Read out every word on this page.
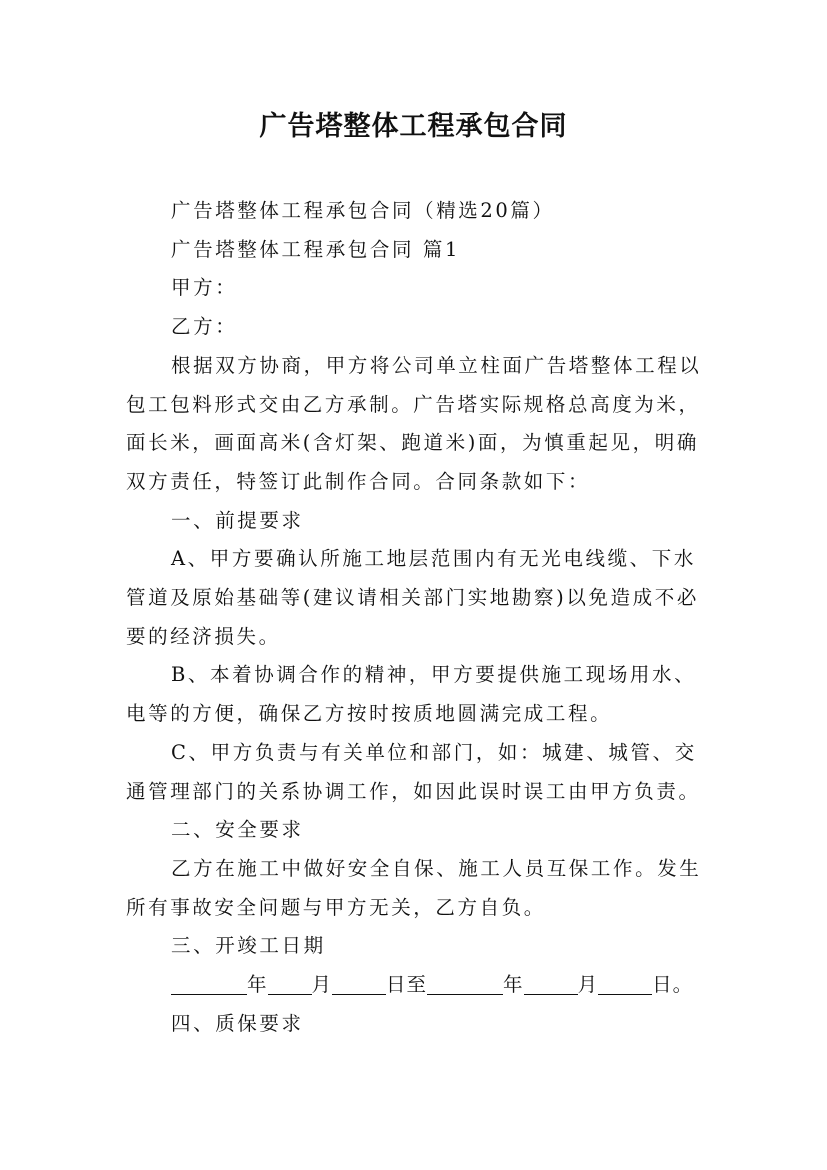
广告塔整体工程承包合同

广告塔整体工程承包合同（精选20篇）

广告塔整体工程承包合同 篇1

甲方：

乙方：

根据双方协商，甲方将公司单立柱面广告塔整体工程以包工包料形式交由乙方承制。广告塔实际规格总高度为米，面长米，画面高米(含灯架、跑道米)面，为慎重起见，明确双方责任，特签订此制作合同。合同条款如下：

一、前提要求

A、甲方要确认所施工地层范围内有无光电线缆、下水管道及原始基础等(建议请相关部门实地勘察)以免造成不必要的经济损失。

B、本着协调合作的精神，甲方要提供施工现场用水、电等的方便，确保乙方按时按质地圆满完成工程。

C、甲方负责与有关单位和部门，如：城建、城管、交通管理部门的关系协调工作，如因此误时误工由甲方负责。

二、安全要求

乙方在施工中做好安全自保、施工人员互保工作。发生所有事故安全问题与甲方无关，乙方自负。

三、开竣工日期

年 月	日至	年	月	日。

四、质保要求
